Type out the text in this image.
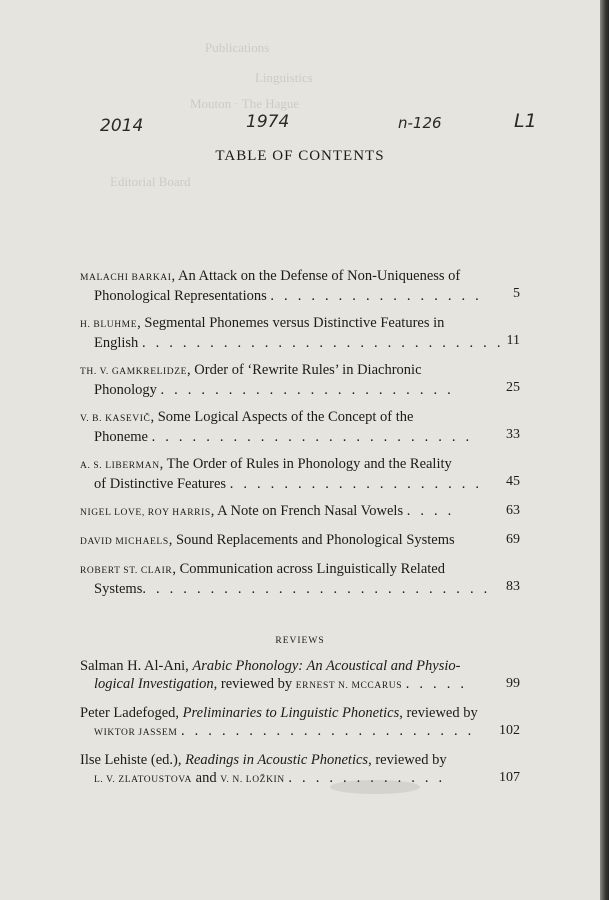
Publications
Linguistics
Mouton · The Hague
Editorial Board
2014	1974	n-126	L1
TABLE OF CONTENTS
MALACHI BARKAI, An Attack on the Defense of Non-Uniqueness of
Phonological Representations . . . . . . . . . . . . . . . .	5
H. BLUHME, Segmental Phonemes versus Distinctive Features in
English . . . . . . . . . . . . . . . . . . . . . . . . . . . 11
TH. V. GAMKRELIDZE, Order of ‘Rewrite Rules’ in Diachronic
Phonology . . . . . . . . . . . . . . . . . . . . . .	25
V. B. KASEVIČ, Some Logical Aspects of the Concept of the
Phoneme . . . . . . . . . . . . . . . . . . . . . . . .	33
A. S. LIBERMAN, The Order of Rules in Phonology and the Reality
of Distinctive Features . . . . . . . . . . . . . . . . . . .	45
NIGEL LOVE, ROY HARRIS, A Note on French Nasal Vowels . . . .	63
DAVID MICHAELS, Sound Replacements and Phonological Systems	69
ROBERT ST. CLAIR, Communication across Linguistically Related
Systems. . . . . . . . . . . . . . . . . . . . . . . . . .	83
REVIEWS
Salman H. Al-Ani, Arabic Phonology: An Acoustical and Physio-
logical Investigation, reviewed by ERNEST N. MCCARUS . . . . .	99
Peter Ladefoged, Preliminaries to Linguistic Phonetics, reviewed by
WIKTOR JASSEM . . . . . . . . . . . . . . . . . . . . . .	102
Ilse Lehiste (ed.), Readings in Acoustic Phonetics, reviewed by
L. V. ZLATOUSTOVA and V. N. LOŽKIN . . . . . . . . . . . .	107
